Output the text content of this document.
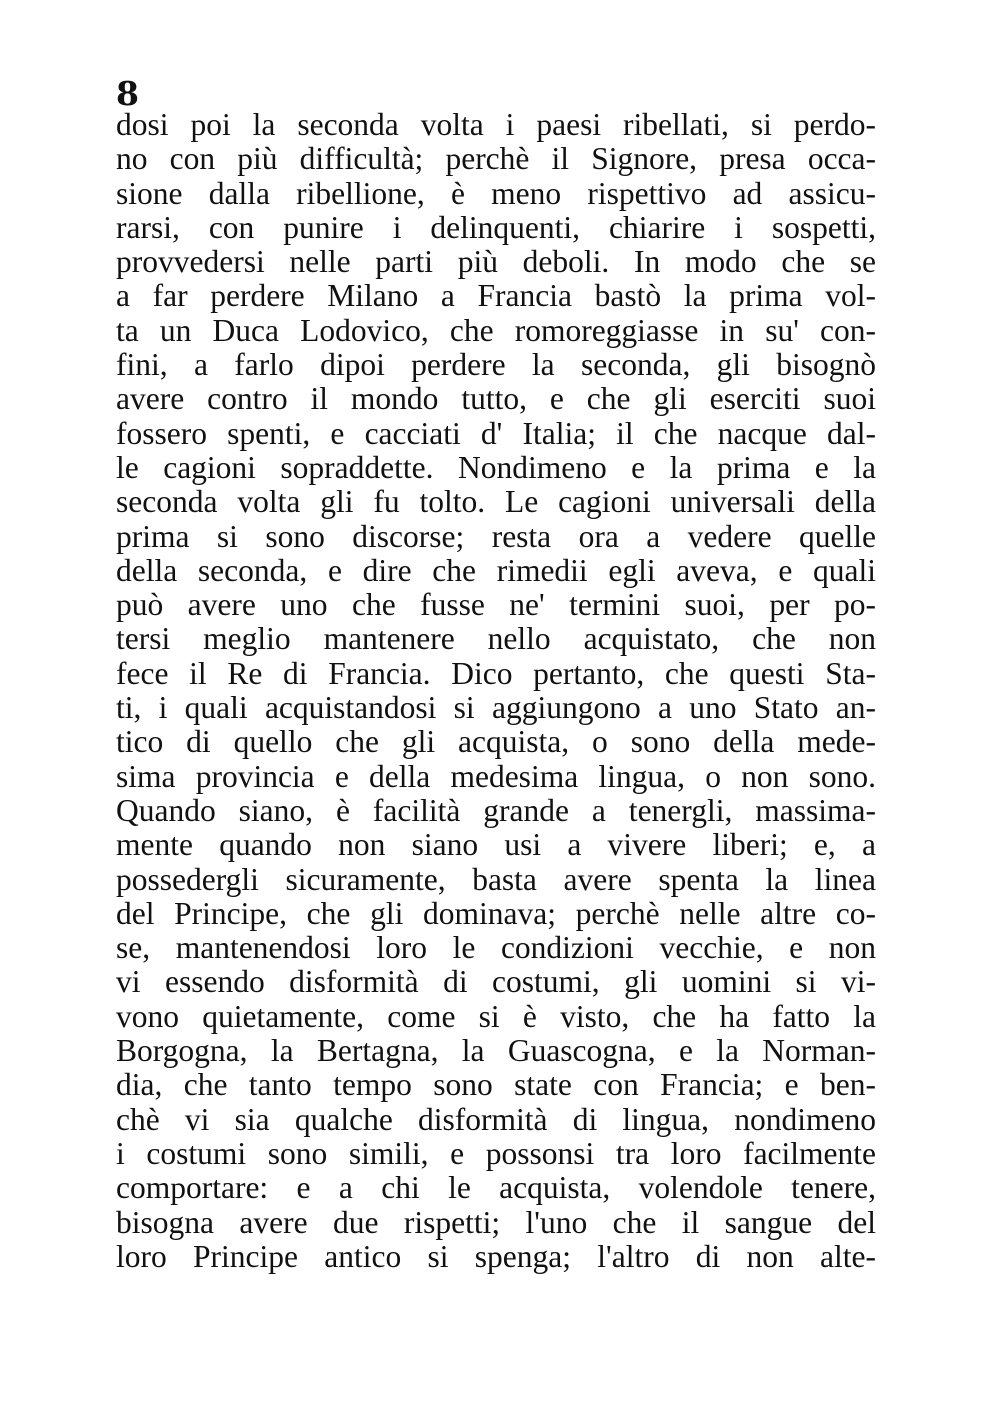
8
dosi poi la seconda volta i paesi ribellati, si perdo-
no con più difficultà; perchè il Signore, presa occa-
sione dalla ribellione, è meno rispettivo ad assicu-
rarsi, con punire i delinquenti, chiarire i sospetti,
provvedersi nelle parti più deboli. In modo che se
a far perdere Milano a Francia bastò la prima vol-
ta un Duca Lodovico, che romoreggiasse in su' con-
fini, a farlo dipoi perdere la seconda, gli bisognò
avere contro il mondo tutto, e che gli eserciti suoi
fossero spenti, e cacciati d' Italia; il che nacque dal-
le cagioni sopraddette. Nondimeno e la prima e la
seconda volta gli fu tolto. Le cagioni universali della
prima si sono discorse; resta ora a vedere quelle
della seconda, e dire che rimedii egli aveva, e quali
può avere uno che fusse ne' termini suoi, per po-
tersi meglio mantenere nello acquistato, che non
fece il Re di Francia. Dico pertanto, che questi Sta-
ti, i quali acquistandosi si aggiungono a uno Stato an-
tico di quello che gli acquista, o sono della mede-
sima provincia e della medesima lingua, o non sono.
Quando siano, è facilità grande a tenergli, massima-
mente quando non siano usi a vivere liberi; e, a
possedergli sicuramente, basta avere spenta la linea
del Principe, che gli dominava; perchè nelle altre co-
se, mantenendosi loro le condizioni vecchie, e non
vi essendo disformità di costumi, gli uomini si vi-
vono quietamente, come si è visto, che ha fatto la
Borgogna, la Bertagna, la Guascogna, e la Norman-
dia, che tanto tempo sono state con Francia; e ben-
chè vi sia qualche disformità di lingua, nondimeno
i costumi sono simili, e possonsi tra loro facilmente
comportare: e a chi le acquista, volendole tenere,
bisogna avere due rispetti; l'uno che il sangue del
loro Principe antico si spenga; l'altro di non alte-
